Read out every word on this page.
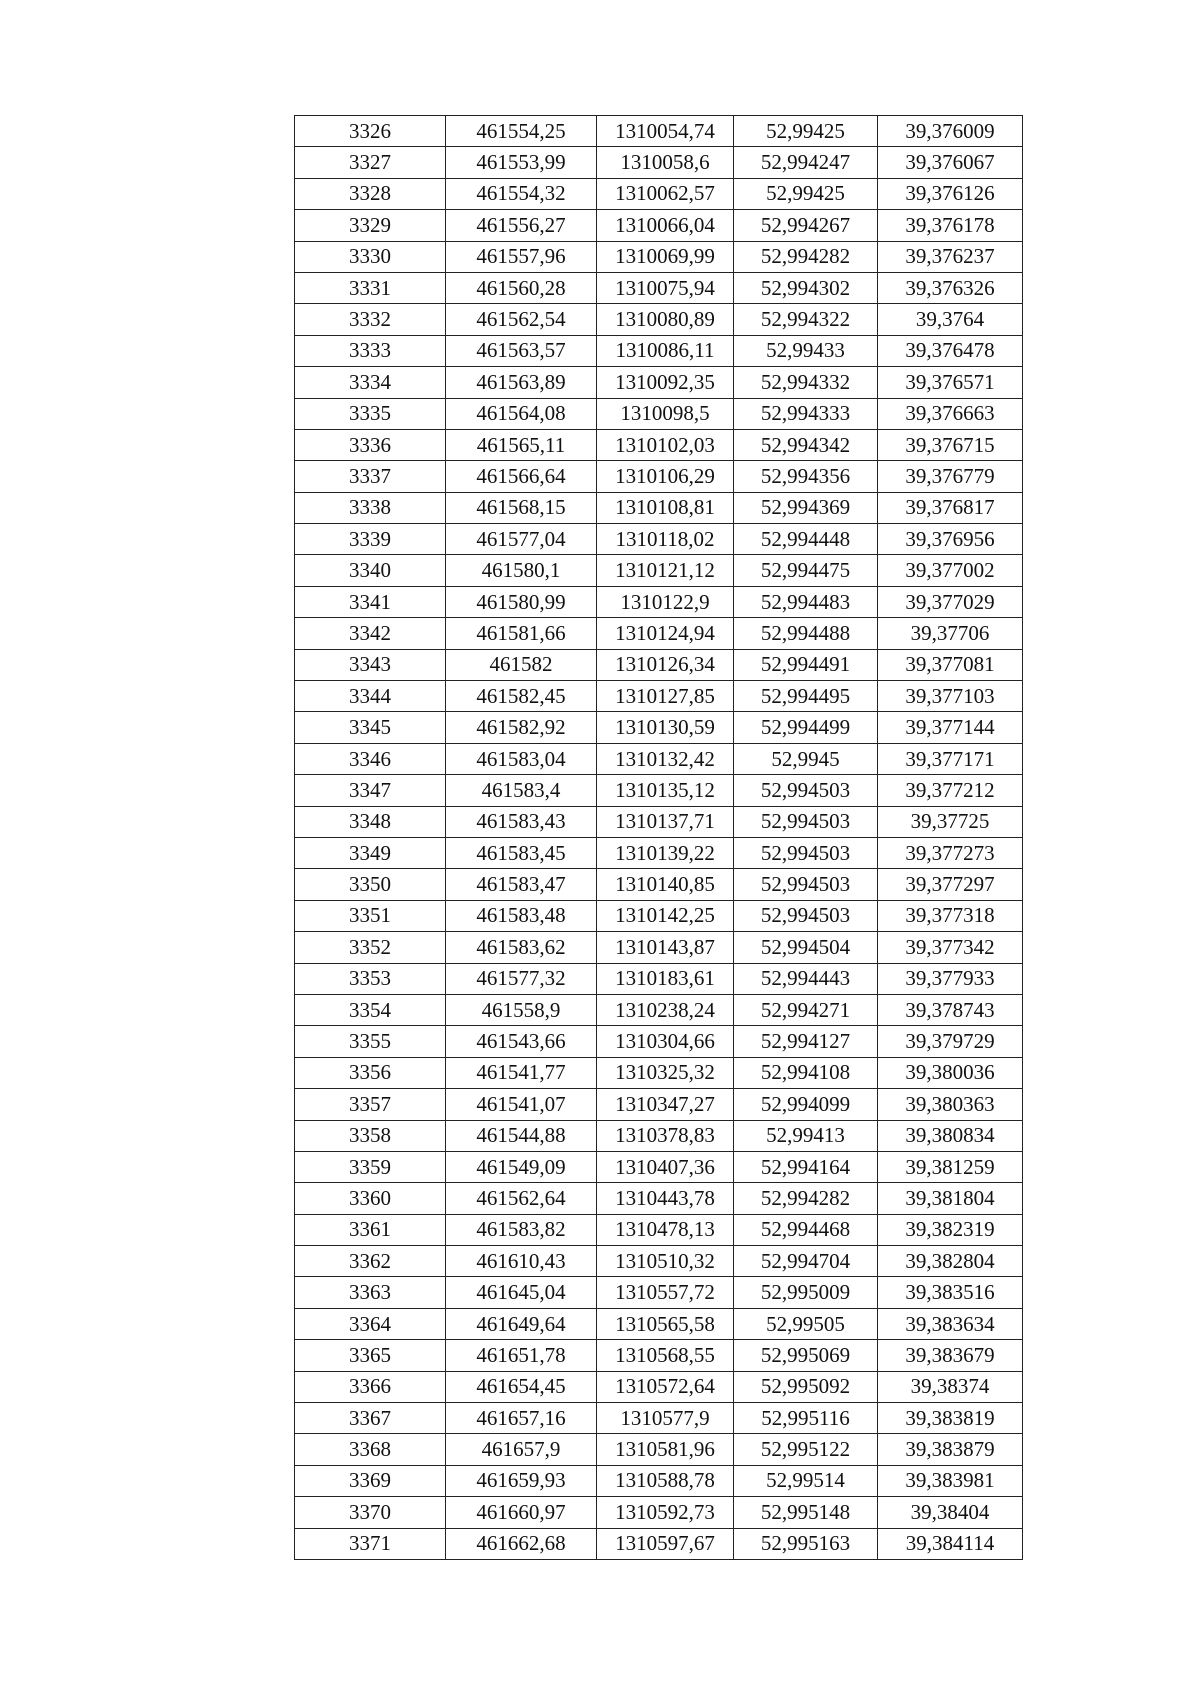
3326	461554,25	1310054,74	52,99425	39,376009
3327	461553,99	1310058,6	52,994247	39,376067
3328	461554,32	1310062,57	52,99425	39,376126
3329	461556,27	1310066,04	52,994267	39,376178
3330	461557,96	1310069,99	52,994282	39,376237
3331	461560,28	1310075,94	52,994302	39,376326
3332	461562,54	1310080,89	52,994322	39,3764
3333	461563,57	1310086,11	52,99433	39,376478
3334	461563,89	1310092,35	52,994332	39,376571
3335	461564,08	1310098,5	52,994333	39,376663
3336	461565,11	1310102,03	52,994342	39,376715
3337	461566,64	1310106,29	52,994356	39,376779
3338	461568,15	1310108,81	52,994369	39,376817
3339	461577,04	1310118,02	52,994448	39,376956
3340	461580,1	1310121,12	52,994475	39,377002
3341	461580,99	1310122,9	52,994483	39,377029
3342	461581,66	1310124,94	52,994488	39,37706
3343	461582	1310126,34	52,994491	39,377081
3344	461582,45	1310127,85	52,994495	39,377103
3345	461582,92	1310130,59	52,994499	39,377144
3346	461583,04	1310132,42	52,9945	39,377171
3347	461583,4	1310135,12	52,994503	39,377212
3348	461583,43	1310137,71	52,994503	39,37725
3349	461583,45	1310139,22	52,994503	39,377273
3350	461583,47	1310140,85	52,994503	39,377297
3351	461583,48	1310142,25	52,994503	39,377318
3352	461583,62	1310143,87	52,994504	39,377342
3353	461577,32	1310183,61	52,994443	39,377933
3354	461558,9	1310238,24	52,994271	39,378743
3355	461543,66	1310304,66	52,994127	39,379729
3356	461541,77	1310325,32	52,994108	39,380036
3357	461541,07	1310347,27	52,994099	39,380363
3358	461544,88	1310378,83	52,99413	39,380834
3359	461549,09	1310407,36	52,994164	39,381259
3360	461562,64	1310443,78	52,994282	39,381804
3361	461583,82	1310478,13	52,994468	39,382319
3362	461610,43	1310510,32	52,994704	39,382804
3363	461645,04	1310557,72	52,995009	39,383516
3364	461649,64	1310565,58	52,99505	39,383634
3365	461651,78	1310568,55	52,995069	39,383679
3366	461654,45	1310572,64	52,995092	39,38374
3367	461657,16	1310577,9	52,995116	39,383819
3368	461657,9	1310581,96	52,995122	39,383879
3369	461659,93	1310588,78	52,99514	39,383981
3370	461660,97	1310592,73	52,995148	39,38404
3371	461662,68	1310597,67	52,995163	39,384114
